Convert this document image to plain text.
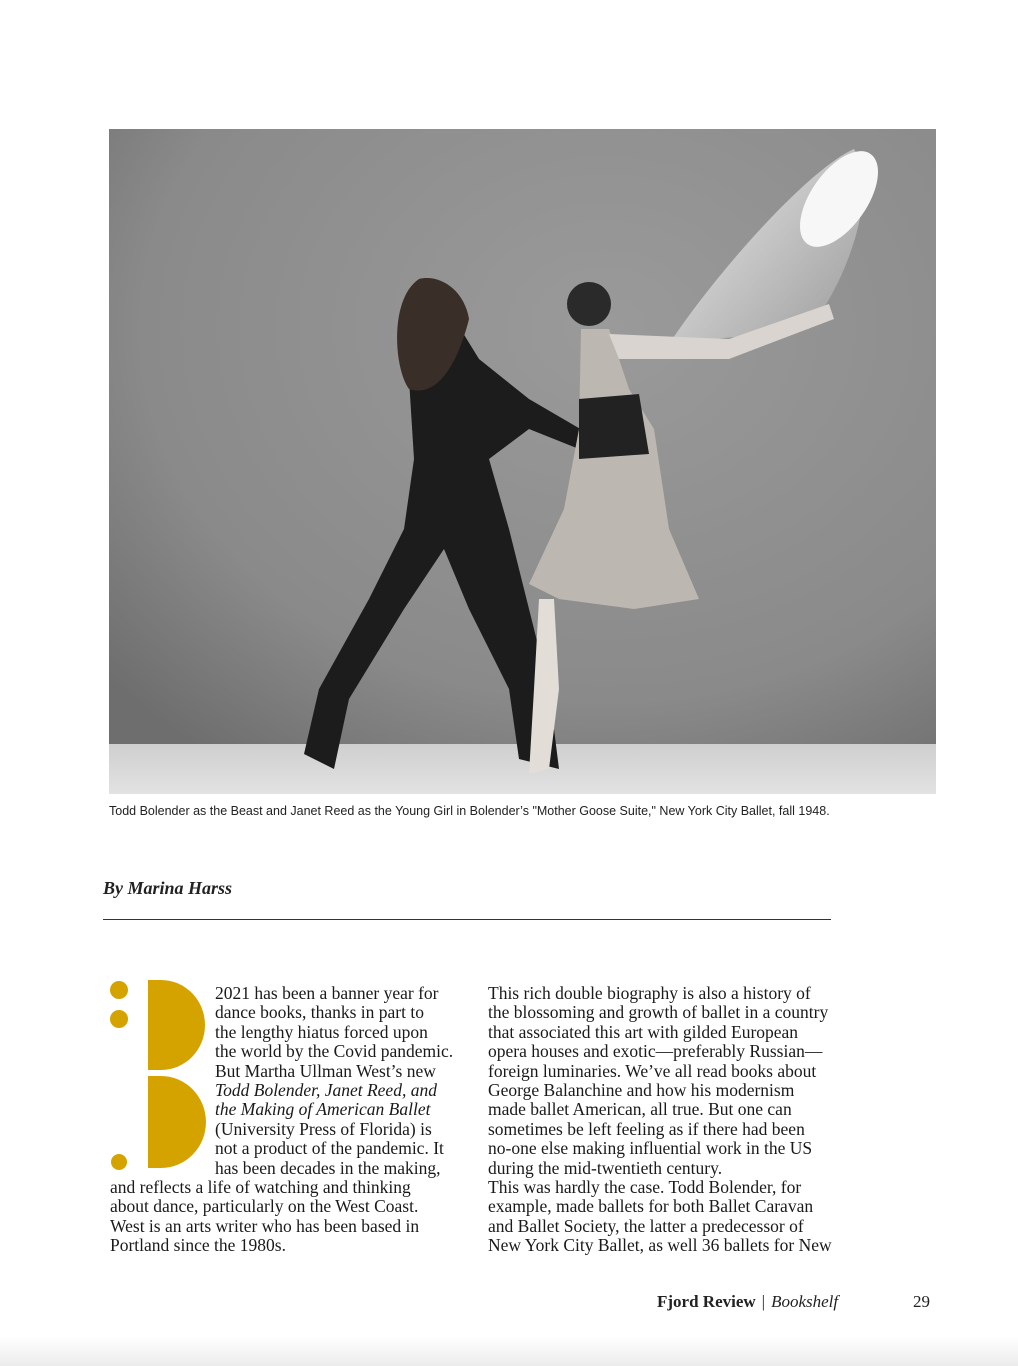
Todd Bolender as the Beast and Janet Reed as the Young Girl in Bolender’s "Mother Goose Suite," New York City Ballet, fall 1948.
By Marina Harss
2021 has been a banner year for
dance books, thanks in part to
the lengthy hiatus forced upon
the world by the Covid pandemic.
But Martha Ullman West’s new
Todd Bolender, Janet Reed, and
the Making of American Ballet
(University Press of Florida) is
not a product of the pandemic. It
has been decades in the making,
and reflects a life of watching and thinking
about dance, particularly on the West Coast.
West is an arts writer who has been based in
Portland since the 1980s.
This rich double biography is also a history of
the blossoming and growth of ballet in a country
that associated this art with gilded European
opera houses and exotic—preferably Russian—
foreign luminaries. We’ve all read books about
George Balanchine and how his modernism
made ballet American, all true. But one can
sometimes be left feeling as if there had been
no-one else making influential work in the US
during the mid-twentieth century.
This was hardly the case. Todd Bolender, for
example, made ballets for both Ballet Caravan
and Ballet Society, the latter a predecessor of
New York City Ballet, as well 36 ballets for New
Fjord Review | Bookshelf	29
